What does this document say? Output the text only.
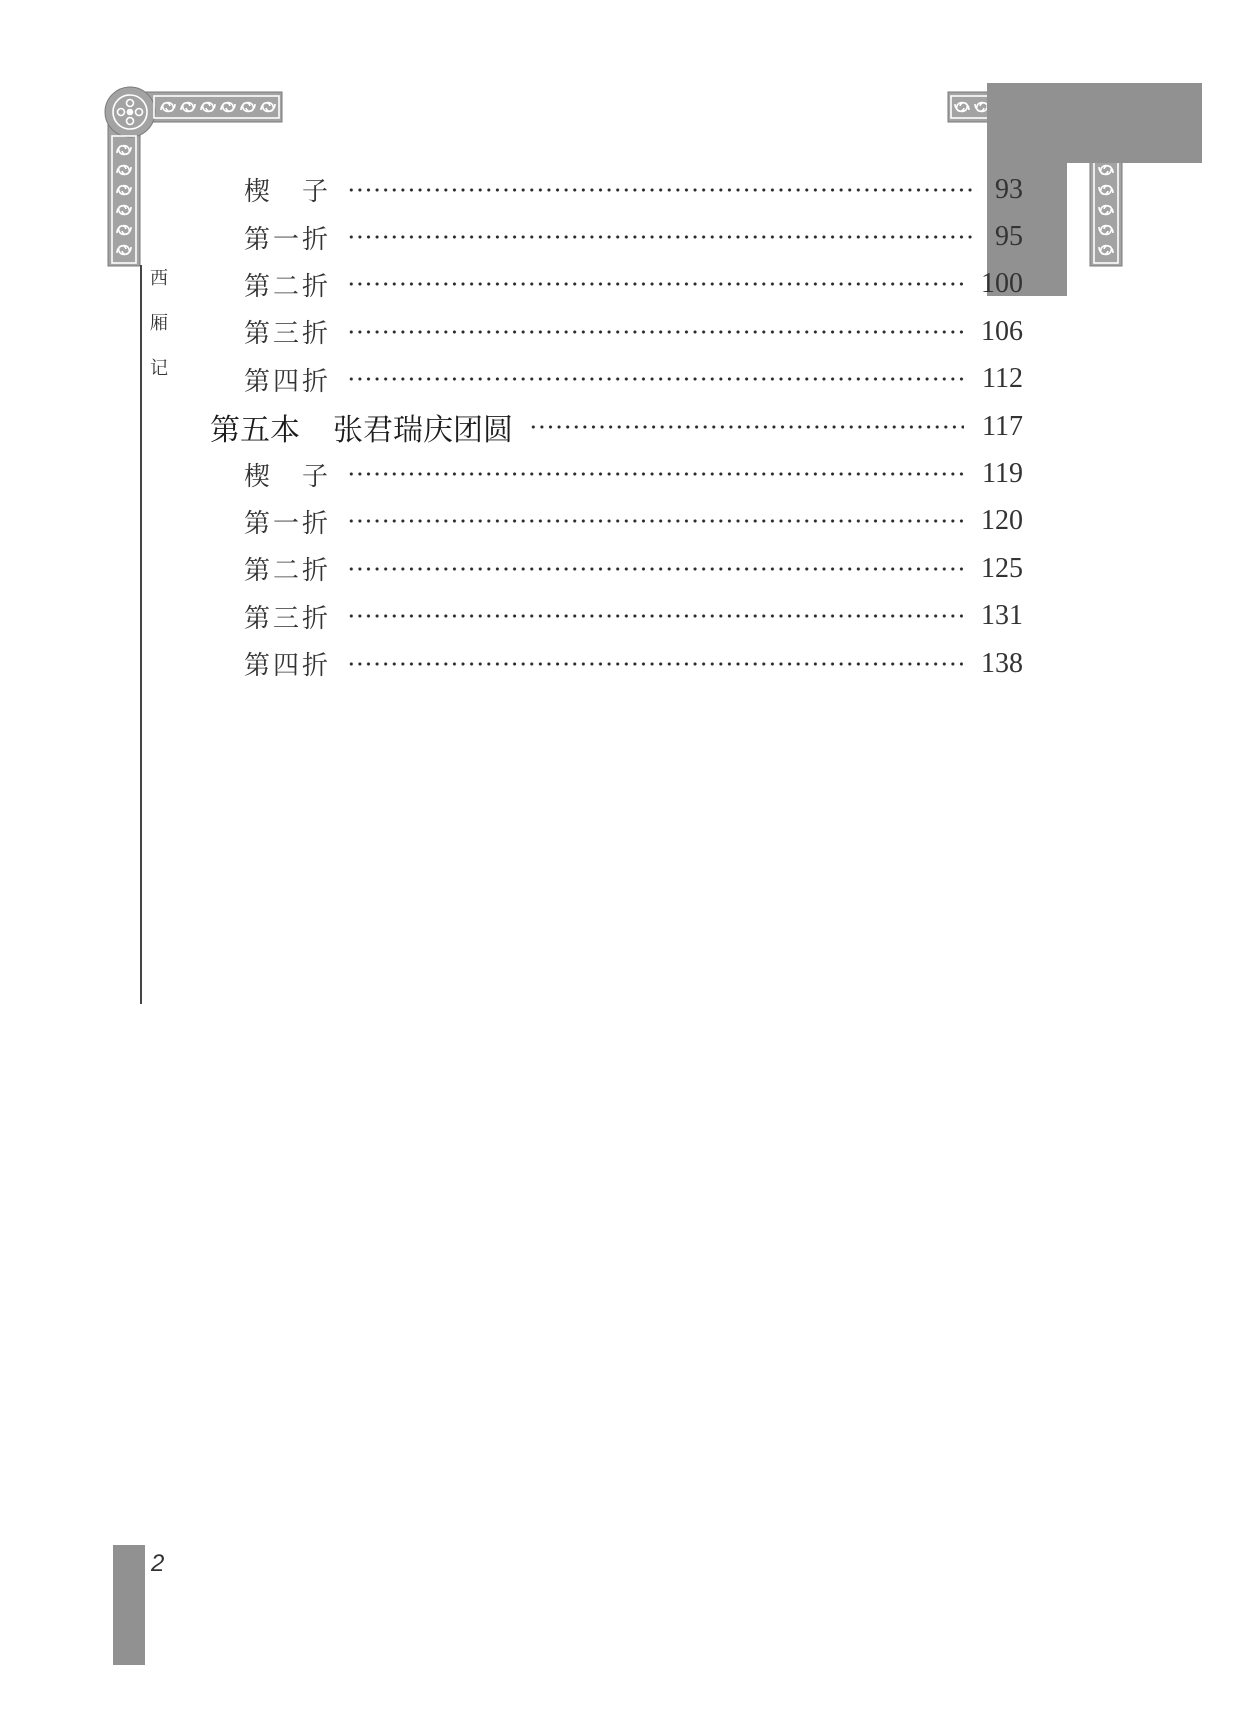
西厢记
楔　子	93
第一折	95
第二折	100
第三折	106
第四折	112
第五本 张君瑞庆团圆	117
楔　子	119
第一折	120
第二折	125
第三折	131
第四折	138
2
